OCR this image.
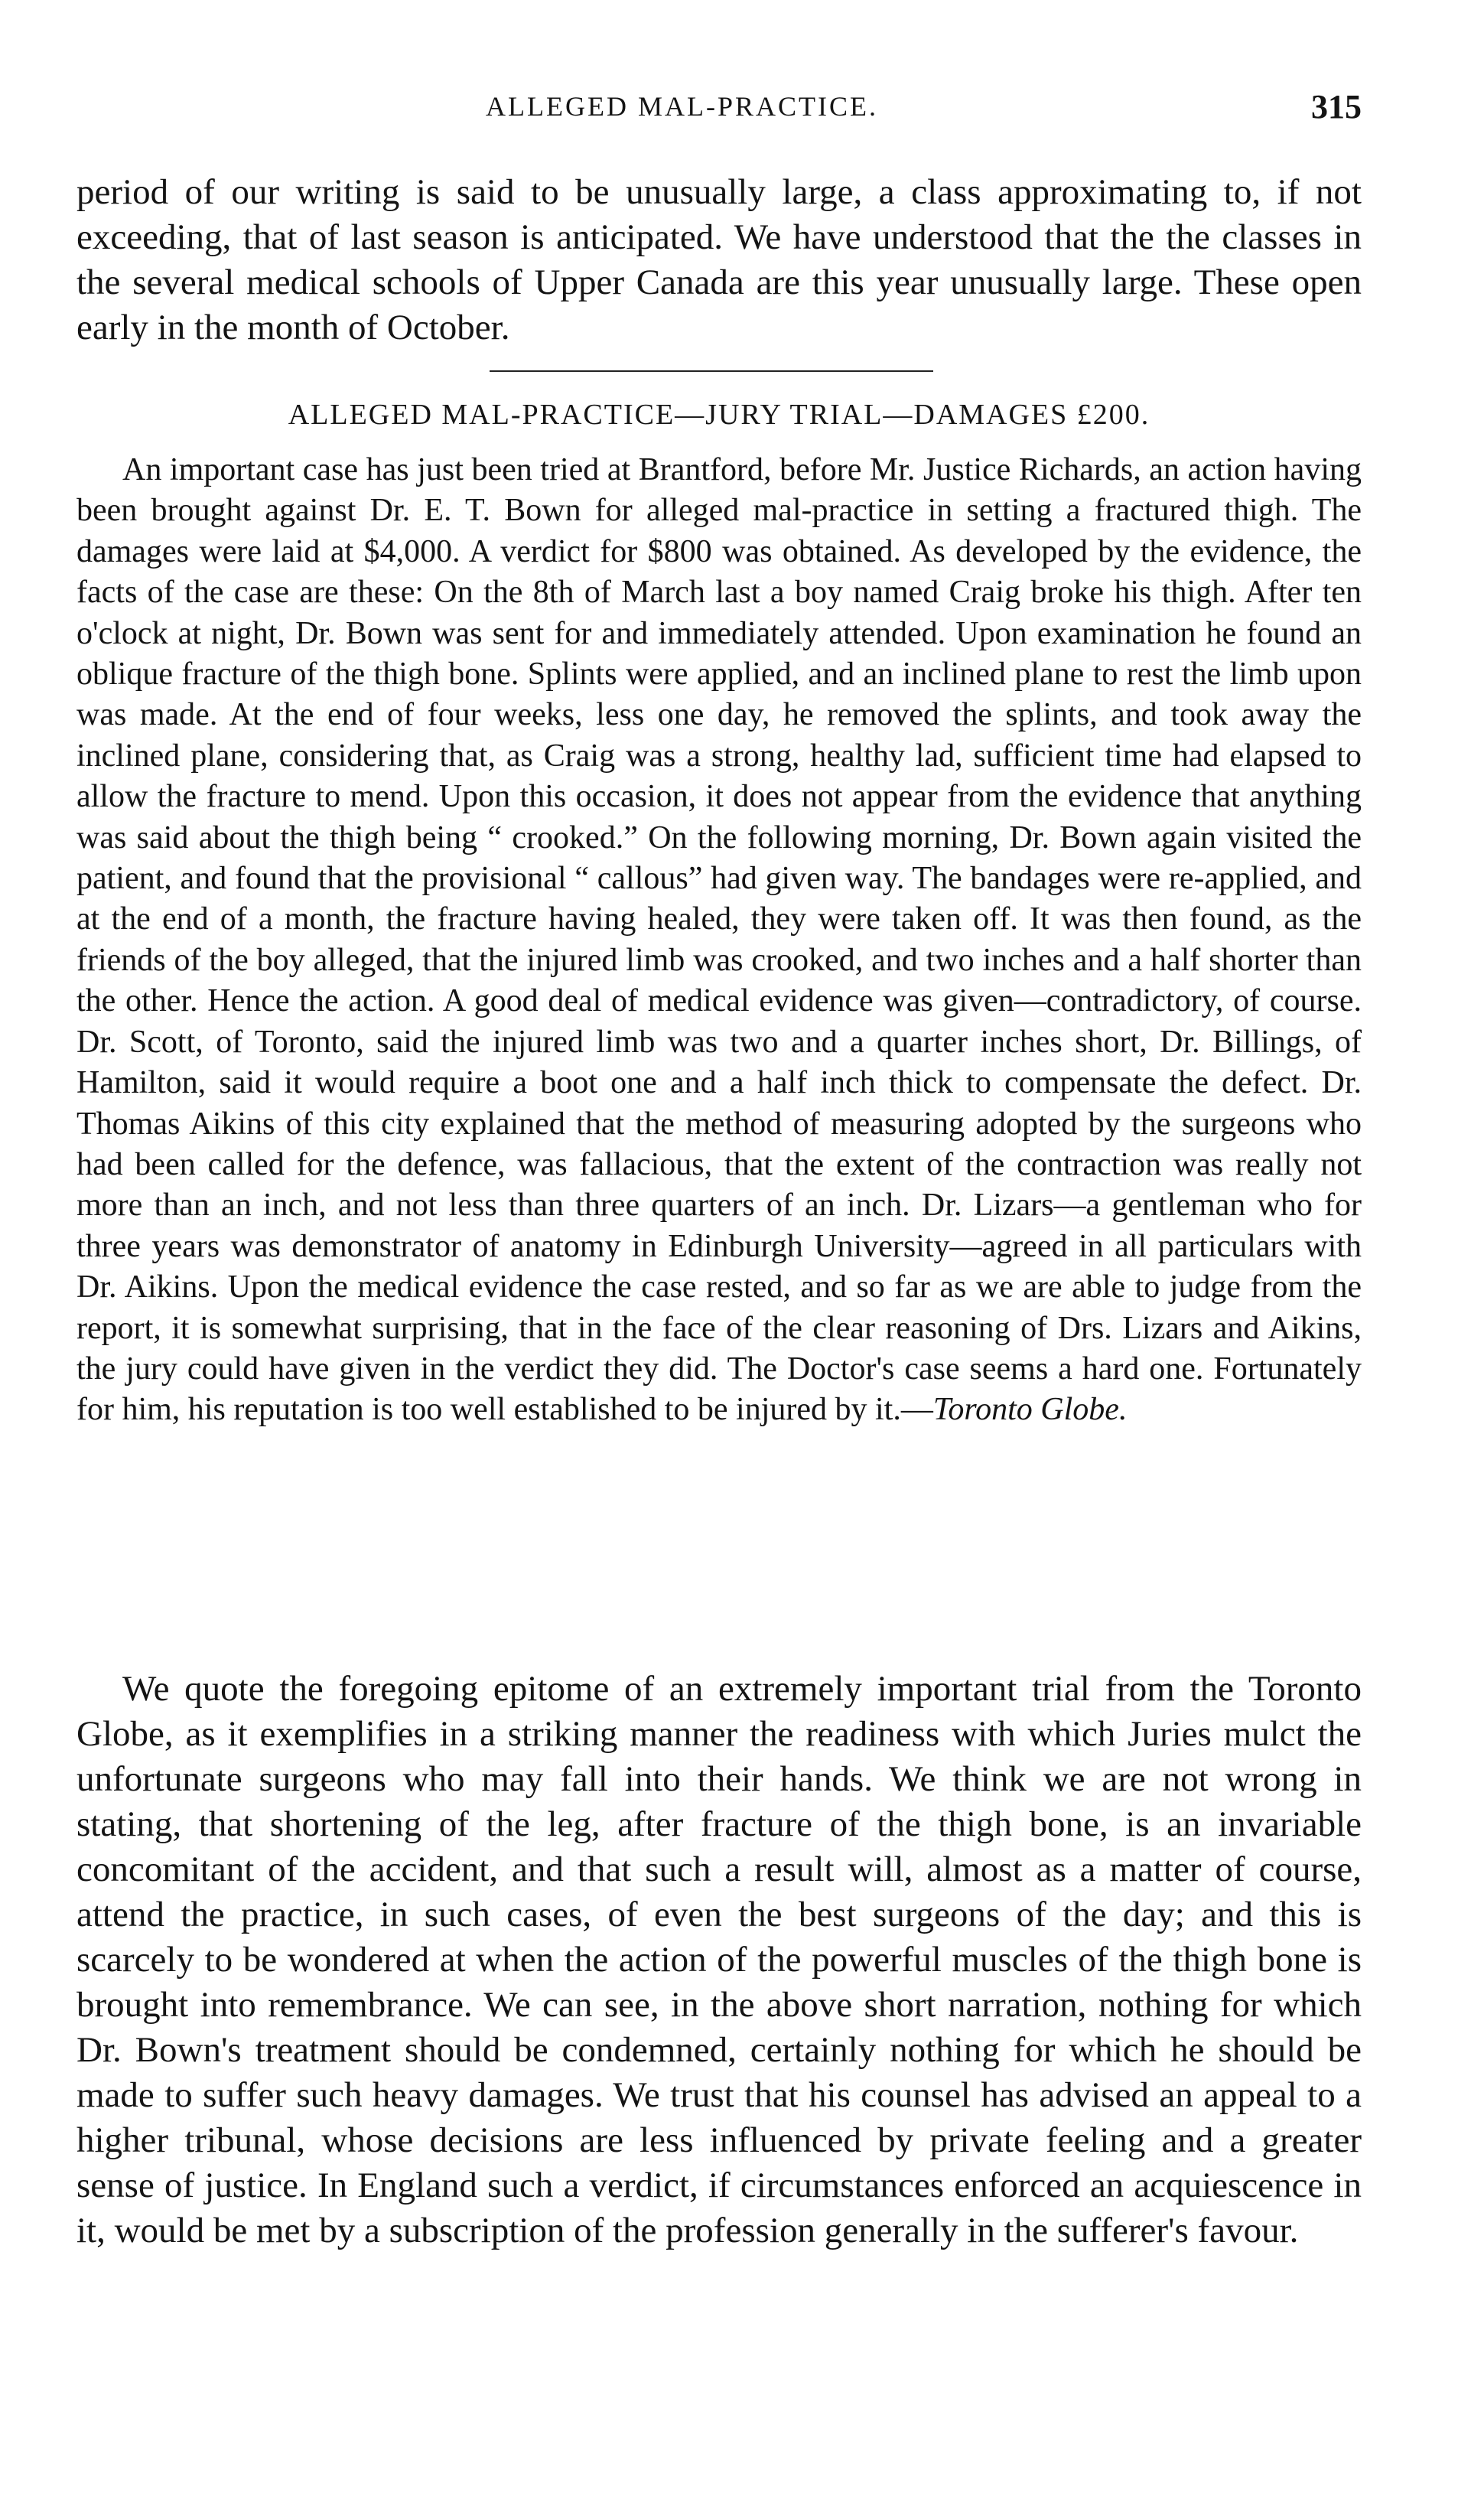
ALLEGED MAL-PRACTICE.	315

period of our writing is said to be unusually large, a class approximating to, if not exceeding, that of last season is anticipated. We have understood that the the classes in the several medical schools of Upper Canada are this year unusually large. These open early in the month of October.

ALLEGED MAL-PRACTICE—JURY TRIAL—DAMAGES £200.

An important case has just been tried at Brantford, before Mr. Justice Richards, an action having been brought against Dr. E. T. Bown for alleged mal-practice in setting a fractured thigh. The damages were laid at $4,000. A verdict for $800 was obtained. As developed by the evidence, the facts of the case are these: On the 8th of March last a boy named Craig broke his thigh. After ten o'clock at night, Dr. Bown was sent for and immediately attended. Upon examination he found an oblique fracture of the thigh bone. Splints were applied, and an inclined plane to rest the limb upon was made. At the end of four weeks, less one day, he removed the splints, and took away the inclined plane, considering that, as Craig was a strong, healthy lad, sufficient time had elapsed to allow the fracture to mend. Upon this occasion, it does not appear from the evidence that anything was said about the thigh being “ crooked.” On the following morning, Dr. Bown again visited the patient, and found that the provisional “ callous” had given way. The bandages were re-applied, and at the end of a month, the fracture having healed, they were taken off. It was then found, as the friends of the boy alleged, that the injured limb was crooked, and two inches and a half shorter than the other. Hence the action. A good deal of medical evidence was given—contradictory, of course. Dr. Scott, of Toronto, said the injured limb was two and a quarter inches short, Dr. Billings, of Hamilton, said it would require a boot one and a half inch thick to compensate the defect. Dr. Thomas Aikins of this city explained that the method of measuring adopted by the surgeons who had been called for the defence, was fallacious, that the extent of the contraction was really not more than an inch, and not less than three quarters of an inch. Dr. Lizars—a gentleman who for three years was demonstrator of anatomy in Edinburgh University—agreed in all particulars with Dr. Aikins. Upon the medical evidence the case rested, and so far as we are able to judge from the report, it is somewhat surprising, that in the face of the clear reasoning of Drs. Lizars and Aikins, the jury could have given in the verdict they did. The Doctor's case seems a hard one. Fortunately for him, his reputation is too well established to be injured by it.—Toronto Globe.

We quote the foregoing epitome of an extremely important trial from the Toronto Globe, as it exemplifies in a striking manner the readiness with which Juries mulct the unfortunate surgeons who may fall into their hands. We think we are not wrong in stating, that shortening of the leg, after fracture of the thigh bone, is an invariable concomitant of the accident, and that such a result will, almost as a matter of course, attend the practice, in such cases, of even the best surgeons of the day; and this is scarcely to be wondered at when the action of the powerful muscles of the thigh bone is brought into remembrance. We can see, in the above short narration, nothing for which Dr. Bown's treatment should be condemned, certainly nothing for which he should be made to suffer such heavy damages. We trust that his counsel has advised an appeal to a higher tribunal, whose decisions are less influenced by private feeling and a greater sense of justice. In England such a verdict, if circumstances enforced an acquiescence in it, would be met by a subscription of the profession generally in the sufferer's favour.
